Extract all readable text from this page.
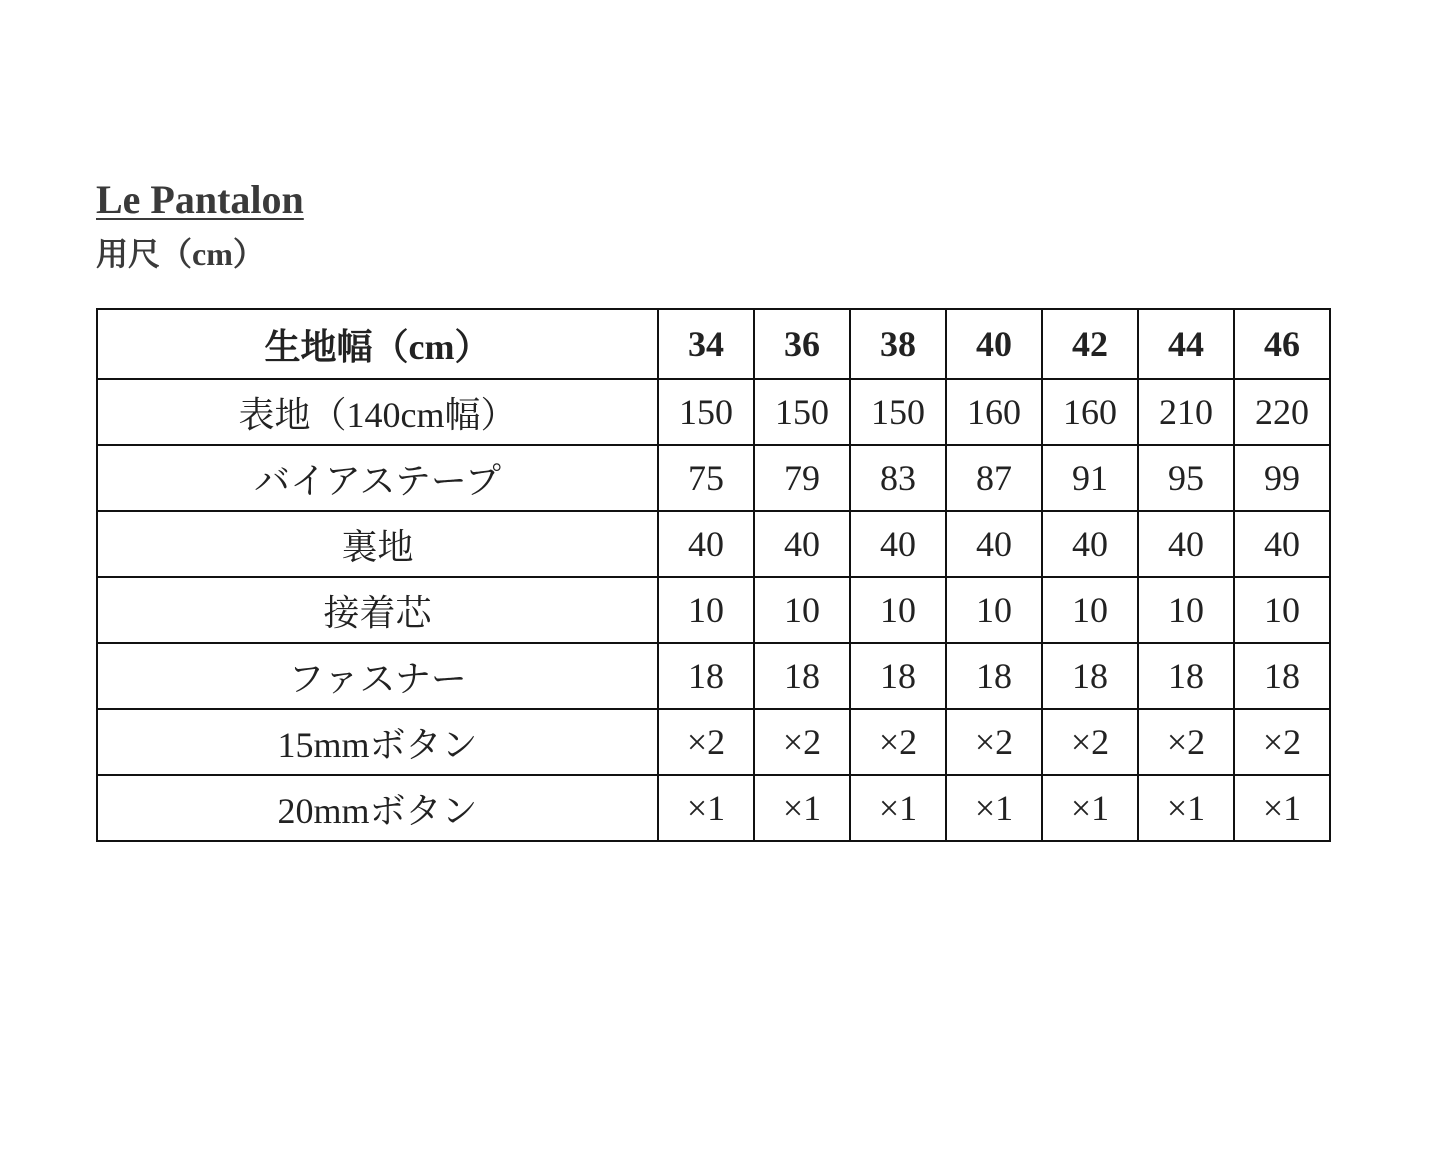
Le Pantalon
用尺（cm）
生地幅（cm）	34	36	38	40	42	44	46
表地（140cm幅）	150	150	150	160	160	210	220
バイアステープ	75	79	83	87	91	95	99
裏地	40	40	40	40	40	40	40
接着芯	10	10	10	10	10	10	10
ファスナー	18	18	18	18	18	18	18
15mmボタン	×2	×2	×2	×2	×2	×2	×2
20mmボタン	×1	×1	×1	×1	×1	×1	×1
